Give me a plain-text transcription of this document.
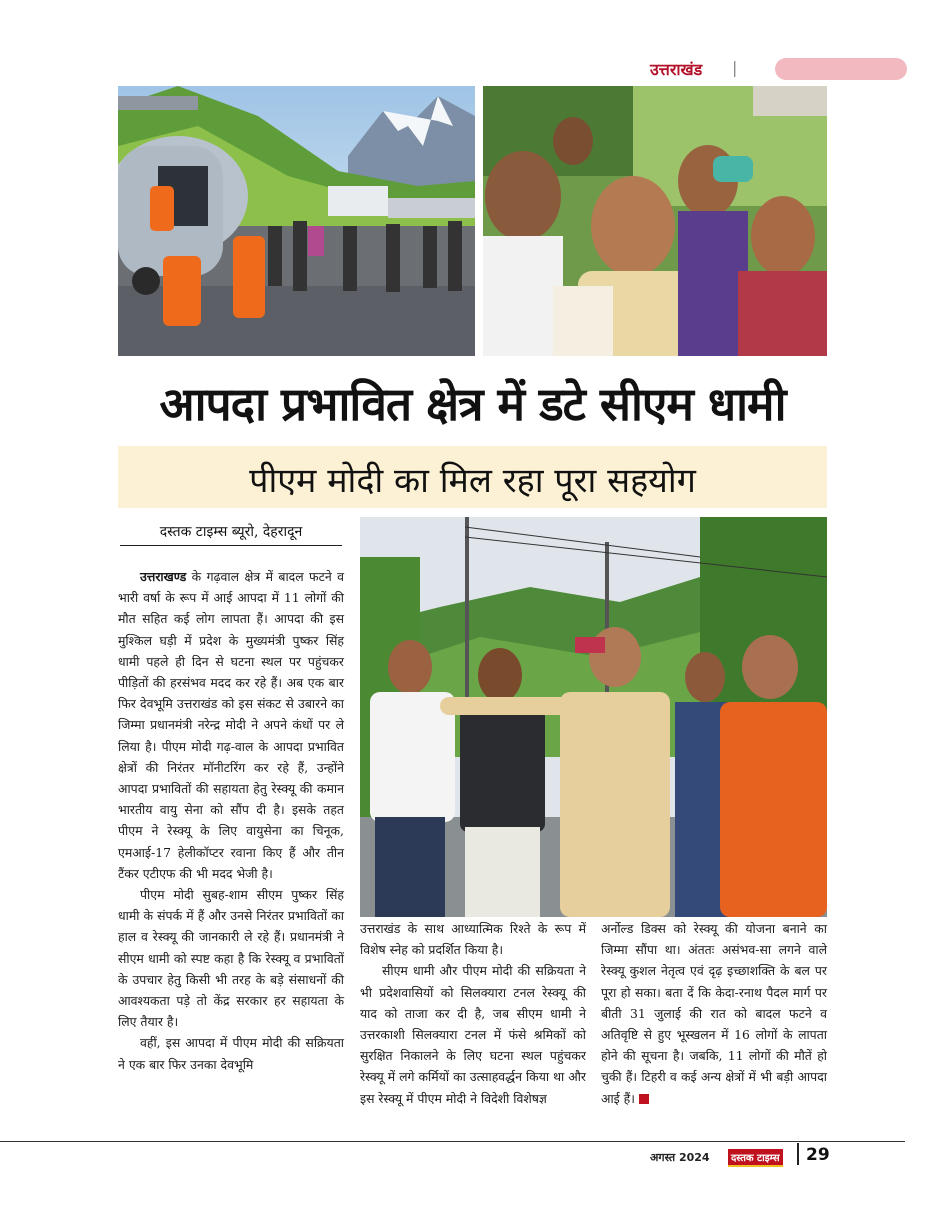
उत्तराखंड |
आपदा प्रभावित क्षेत्र में डटे सीएम धामी
पीएम मोदी का मिल रहा पूरा सहयोग
दस्तक टाइम्स ब्यूरो, देहरादून

उत्तराखण्ड के गढ़वाल क्षेत्र में बादल फटने व भारी वर्षा के रूप में आई आपदा में 11 लोगों की मौत सहित कई लोग लापता हैं। आपदा की इस मुश्किल घड़ी में प्रदेश के मुख्यमंत्री पुष्कर सिंह धामी पहले ही दिन से घटना स्थल पर पहुंचकर पीड़ितों की हरसंभव मदद कर रहे हैं। अब एक बार फिर देवभूमि उत्तराखंड को इस संकट से उबारने का जिम्मा प्रधानमंत्री नरेन्द्र मोदी ने अपने कंधों पर ले लिया है। पीएम मोदी गढ़-वाल के आपदा प्रभावित क्षेत्रों की निरंतर मॉनीटरिंग कर रहे हैं, उन्होंने आपदा प्रभावितों की सहायता हेतु रेस्क्यू की कमान भारतीय वायु सेना को सौंप दी है। इसके तहत पीएम ने रेस्क्यू के लिए वायुसेना का चिनूक, एमआई-17 हेलीकॉप्टर रवाना किए हैं और तीन टैंकर एटीएफ की भी मदद भेजी है।

पीएम मोदी सुबह-शाम सीएम पुष्कर सिंह धामी के संपर्क में हैं और उनसे निरंतर प्रभावितों का हाल व रेस्क्यू की जानकारी ले रहे हैं। प्रधानमंत्री ने सीएम धामी को स्पष्ट कहा है कि रेस्क्यू व प्रभावितों के उपचार हेतु किसी भी तरह के बड़े संसाधनों की आवश्यकता पड़े तो केंद्र सरकार हर सहायता के लिए तैयार है।

वहीं, इस आपदा में पीएम मोदी की सक्रियता ने एक बार फिर उनका देवभूमि

उत्तराखंड के साथ आध्यात्मिक रिश्ते के रूप में विशेष स्नेह को प्रदर्शित किया है।

सीएम धामी और पीएम मोदी की सक्रियता ने भी प्रदेशवासियों को सिलक्यारा टनल रेस्क्यू की याद को ताजा कर दी है, जब सीएम धामी ने उत्तरकाशी सिलक्यारा टनल में फंसे श्रमिकों को सुरक्षित निकालने के लिए घटना स्थल पहुंचकर रेस्क्यू में लगे कर्मियों का उत्साहवर्द्धन किया था और इस रेस्क्यू में पीएम मोदी ने विदेशी विशेषज्ञ

अर्नोल्ड डिक्स को रेस्क्यू की योजना बनाने का जिम्मा सौंपा था। अंततः असंभव-सा लगने वाले रेस्क्यू कुशल नेतृत्व एवं दृढ़ इच्छाशक्ति के बल पर पूरा हो सका। बता दें कि केदा-रनाथ पैदल मार्ग पर बीती 31 जुलाई की रात को बादल फटने व अतिवृष्टि से हुए भूस्खलन में 16 लोगों के लापता होने की सूचना है। जबकि, 11 लोगों की मौतें हो चुकी हैं। टिहरी व कई अन्य क्षेत्रों में भी बड़ी आपदा आई हैं।

अगस्त 2024	दस्तक टाइम्स 29
